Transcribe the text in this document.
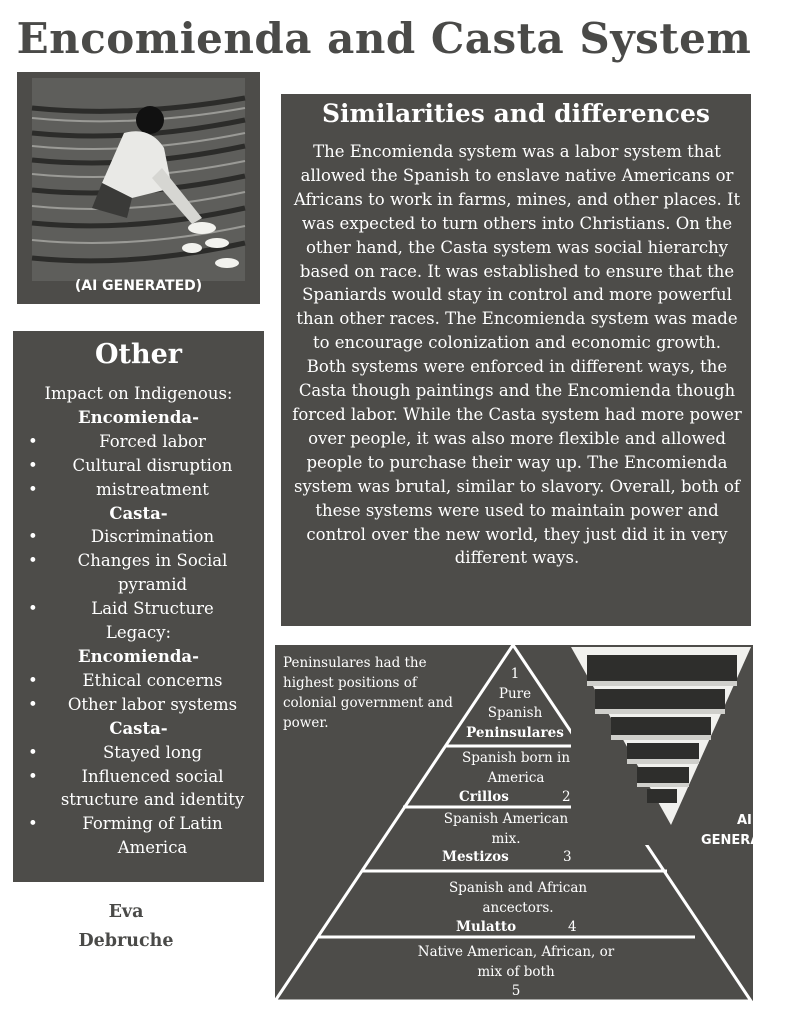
Encomienda and Casta System
(AI GENERATED)
Other
Impact on Indigenous:
Encomienda-
• Forced labor
• Cultural disruption
• mistreatment
Casta-
• Discrimination
• Changes in Social pyramid
• Laid Structure
Legacy:
Encomienda-
• Ethical concerns
• Other labor systems
Casta-
• Stayed long
• Influenced social structure and identity
• Forming of Latin America
Eva
Debruche
Similarities and differences

The Encomienda system was a labor system that allowed the Spanish to enslave native Americans or Africans to work in farms, mines, and other places. It was expected to turn others into Christians. On the other hand, the Casta system was social hierarchy based on race. It was established to ensure that the Spaniards would stay in control and more powerful than other races. The Encomienda system was made to encourage colonization and economic growth. Both systems were enforced in different ways, the Casta though paintings and the Encomienda though forced labor. While the Casta system had more power over people, it was also more flexible and allowed people to purchase their way up. The Encomienda system was brutal, similar to slavory. Overall, both of these systems were used to maintain power and control over the new world, they just did it in very different ways.

Peninsulares had the highest positions of colonial government and power.
1
Pure Spanish
Peninsulares
Spanish born in America
Crillos	2
Spanish American mix.
Mestizos	3
Spanish and African ancectors.
Mulatto	4
Native American, African, or mix of both
5
AI
GENERATED
